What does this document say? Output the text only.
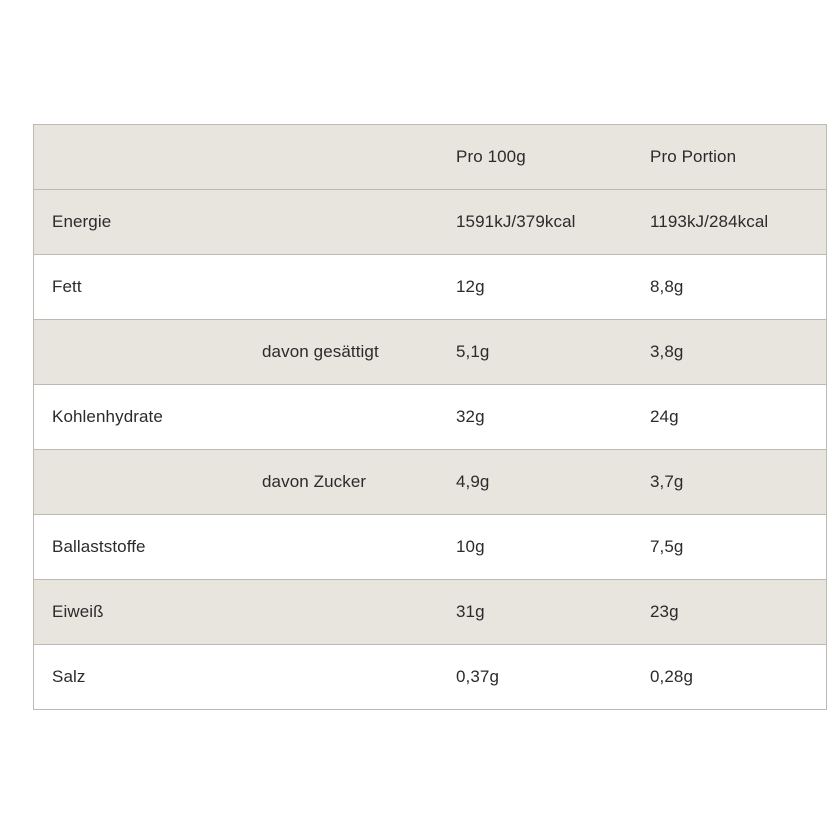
		Pro 100g	Pro Portion
Energie		1591kJ/379kcal	1193kJ/284kcal
Fett		12g	8,8g
	davon gesättigt	5,1g	3,8g
Kohlenhydrate		32g	24g
	davon Zucker	4,9g	3,7g
Ballaststoffe		10g	7,5g
Eiweiß		31g	23g
Salz		0,37g	0,28g
